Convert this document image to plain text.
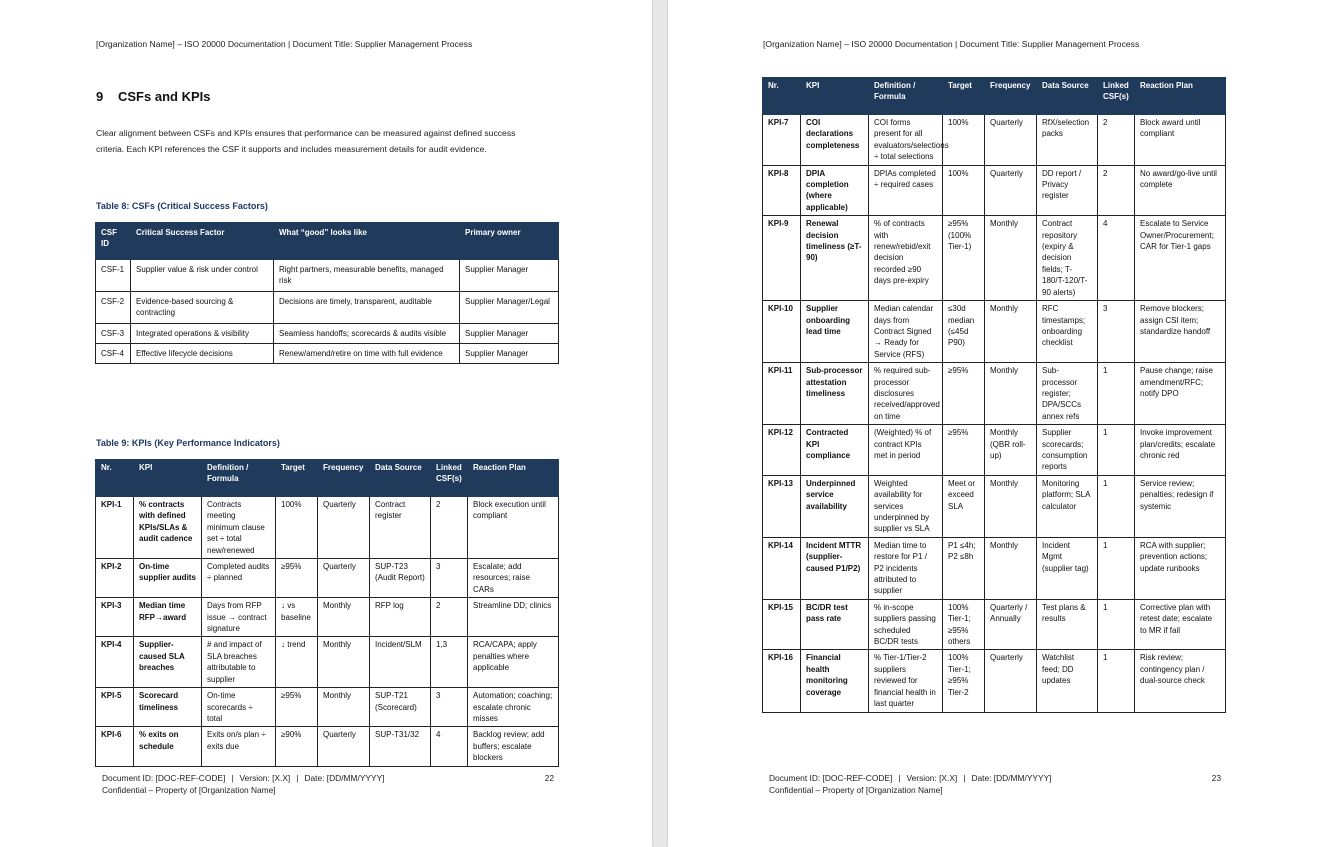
[Organization Name] – ISO 20000 Documentation | Document Title: Supplier Management Process
9 CSFs and KPIs
Clear alignment between CSFs and KPIs ensures that performance can be measured against defined success criteria. Each KPI references the CSF it supports and includes measurement details for audit evidence.
Table 8: CSFs (Critical Success Factors)
CSF ID	Critical Success Factor	What “good” looks like	Primary owner
CSF-1	Supplier value & risk under control	Right partners, measurable benefits, managed risk	Supplier Manager
CSF-2	Evidence-based sourcing & contracting	Decisions are timely, transparent, auditable	Supplier Manager/Legal
CSF-3	Integrated operations & visibility	Seamless handoffs; scorecards & audits visible	Supplier Manager
CSF-4	Effective lifecycle decisions	Renew/amend/retire on time with full evidence	Supplier Manager
Table 9: KPIs (Key Performance Indicators)
Nr.	KPI	Definition / Formula	Target	Frequency	Data Source	Linked CSF(s)	Reaction Plan
KPI-1	% contracts with defined KPIs/SLAs & audit cadence	Contracts meeting minimum clause set ÷ total new/renewed	100%	Quarterly	Contract register	2	Block execution until compliant
KPI-2	On-time supplier audits	Completed audits ÷ planned	≥95%	Quarterly	SUP-T23 (Audit Report)	3	Escalate; add resources; raise CARs
KPI-3	Median time RFP→award	Days from RFP issue → contract signature	↓ vs baseline	Monthly	RFP log	2	Streamline DD; clinics
KPI-4	Supplier-caused SLA breaches	# and impact of SLA breaches attributable to supplier	↓ trend	Monthly	Incident/SLM	1,3	RCA/CAPA; apply penalties where applicable
KPI-5	Scorecard timeliness	On-time scorecards ÷ total	≥95%	Monthly	SUP-T21 (Scorecard)	3	Automation; coaching; escalate chronic misses
KPI-6	% exits on schedule	Exits on/s plan ÷ exits due	≥90%	Quarterly	SUP-T31/32	4	Backlog review; add buffers; escalate blockers
Document ID: [DOC-REF-CODE] | Version: [X.X] | Date: [DD/MM/YYYY]
Confidential – Property of [Organization Name]
22
[Organization Name] – ISO 20000 Documentation | Document Title: Supplier Management Process
Nr.	KPI	Definition / Formula	Target	Frequency	Data Source	Linked CSF(s)	Reaction Plan
KPI-7	COI declarations completeness	COI forms present for all evaluators/selections ÷ total selections	100%	Quarterly	RfX/selection packs	2	Block award until compliant
KPI-8	DPIA completion (where applicable)	DPIAs completed ÷ required cases	100%	Quarterly	DD report / Privacy register	2	No award/go-live until complete
KPI-9	Renewal decision timeliness (≥T-90)	% of contracts with renew/rebid/exit decision recorded ≥90 days pre-expiry	≥95% (100% Tier-1)	Monthly	Contract repository (expiry & decision fields; T-180/T-120/T-90 alerts)	4	Escalate to Service Owner/Procurement; CAR for Tier-1 gaps
KPI-10	Supplier onboarding lead time	Median calendar days from Contract Signed → Ready for Service (RFS)	≤30d median (≤45d P90)	Monthly	RFC timestamps; onboarding checklist	3	Remove blockers; assign CSI item; standardize handoff
KPI-11	Sub-processor attestation timeliness	% required sub-processor disclosures received/approved on time	≥95%	Monthly	Sub-processor register; DPA/SCCs annex refs	1	Pause change; raise amendment/RFC; notify DPO
KPI-12	Contracted KPI compliance	(Weighted) % of contract KPIs met in period	≥95%	Monthly (QBR roll-up)	Supplier scorecards; consumption reports	1	Invoke improvement plan/credits; escalate chronic red
KPI-13	Underpinned service availability	Weighted availability for services underpinned by supplier vs SLA	Meet or exceed SLA	Monthly	Monitoring platform; SLA calculator	1	Service review; penalties; redesign if systemic
KPI-14	Incident MTTR (supplier-caused P1/P2)	Median time to restore for P1 / P2 incidents attributed to supplier	P1 ≤4h; P2 ≤8h	Monthly	Incident Mgmt (supplier tag)	1	RCA with supplier; prevention actions; update runbooks
KPI-15	BC/DR test pass rate	% in-scope suppliers passing scheduled BC/DR tests	100% Tier-1; ≥95% others	Quarterly / Annually	Test plans & results	1	Corrective plan with retest date; escalate to MR if fail
KPI-16	Financial health monitoring coverage	% Tier-1/Tier-2 suppliers reviewed for financial health in last quarter	100% Tier-1; ≥95% Tier-2	Quarterly	Watchlist feed; DD updates	1	Risk review; contingency plan / dual-source check
Document ID: [DOC-REF-CODE] | Version: [X.X] | Date: [DD/MM/YYYY]
Confidential – Property of [Organization Name]
23
